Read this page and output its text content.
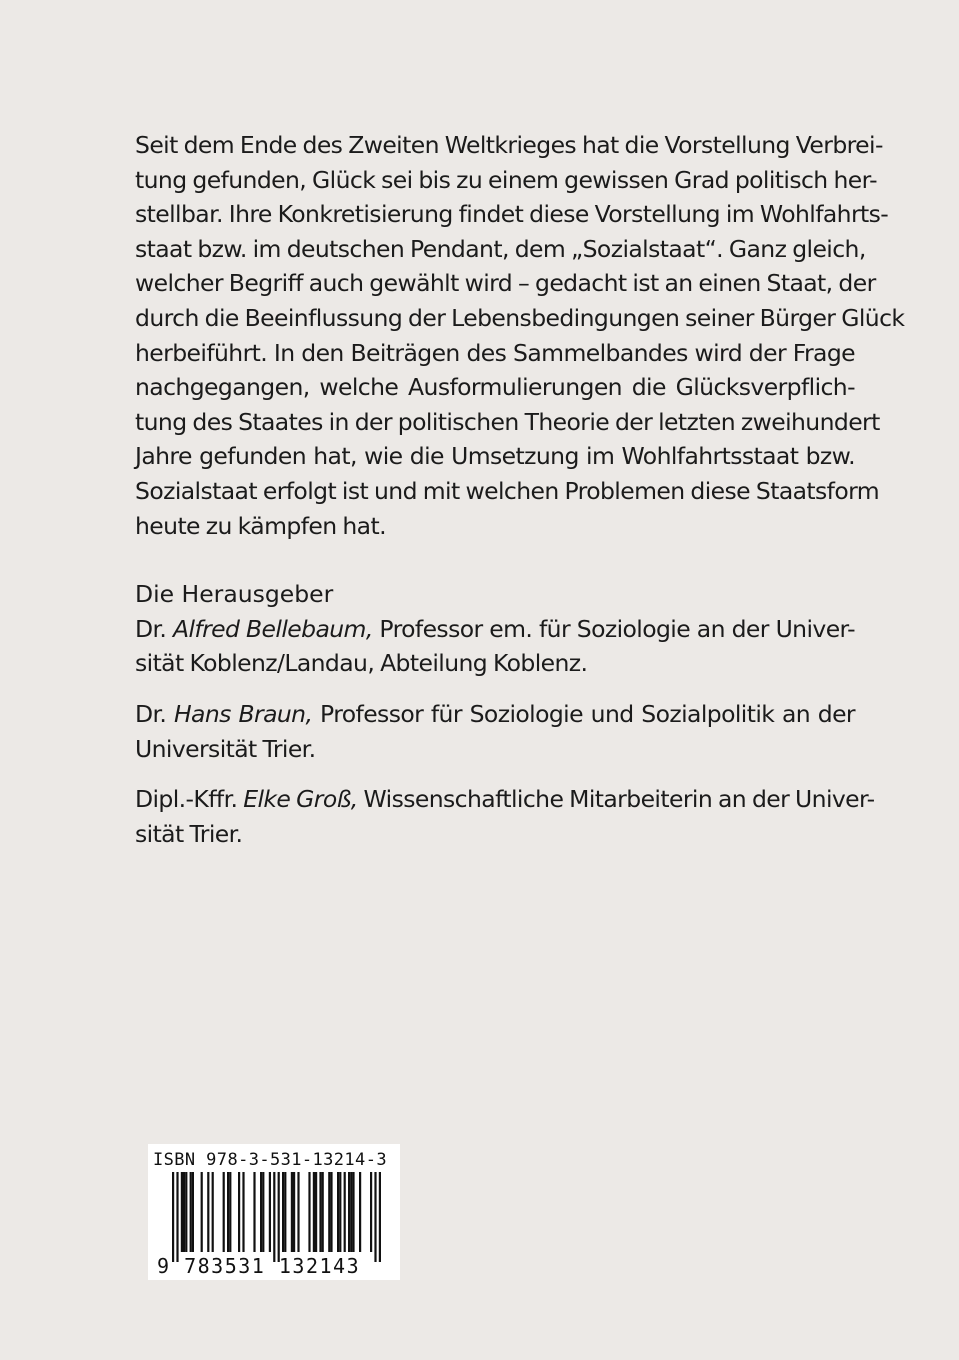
Seit dem Ende des Zweiten Weltkrieges hat die Vorstellung Verbrei-
tung gefunden, Glück sei bis zu einem gewissen Grad politisch her-
stellbar. Ihre Konkretisierung findet diese Vorstellung im Wohlfahrts-
staat bzw. im deutschen Pendant, dem „Sozialstaat“. Ganz gleich,
welcher Begriff auch gewählt wird – gedacht ist an einen Staat, der
durch die Beeinflussung der Lebensbedingungen seiner Bürger Glück
herbeiführt. In den Beiträgen des Sammelbandes wird der Frage
nachgegangen, welche Ausformulierungen die Glücksverpflich-
tung des Staates in der politischen Theorie der letzten zweihundert
Jahre gefunden hat, wie die Umsetzung im Wohlfahrtsstaat bzw.
Sozialstaat erfolgt ist und mit welchen Problemen diese Staatsform
heute zu kämpfen hat.

Die Herausgeber
Dr. Alfred Bellebaum, Professor em. für Soziologie an der Univer-
sität Koblenz/Landau, Abteilung Koblenz.
Dr. Hans Braun, Professor für Soziologie und Sozialpolitik an der
Universität Trier.
Dipl.-Kffr. Elke Groß, Wissenschaftliche Mitarbeiterin an der Univer-
sität Trier.
ISBN 978-3-531-13214-3
9 783531 132143
